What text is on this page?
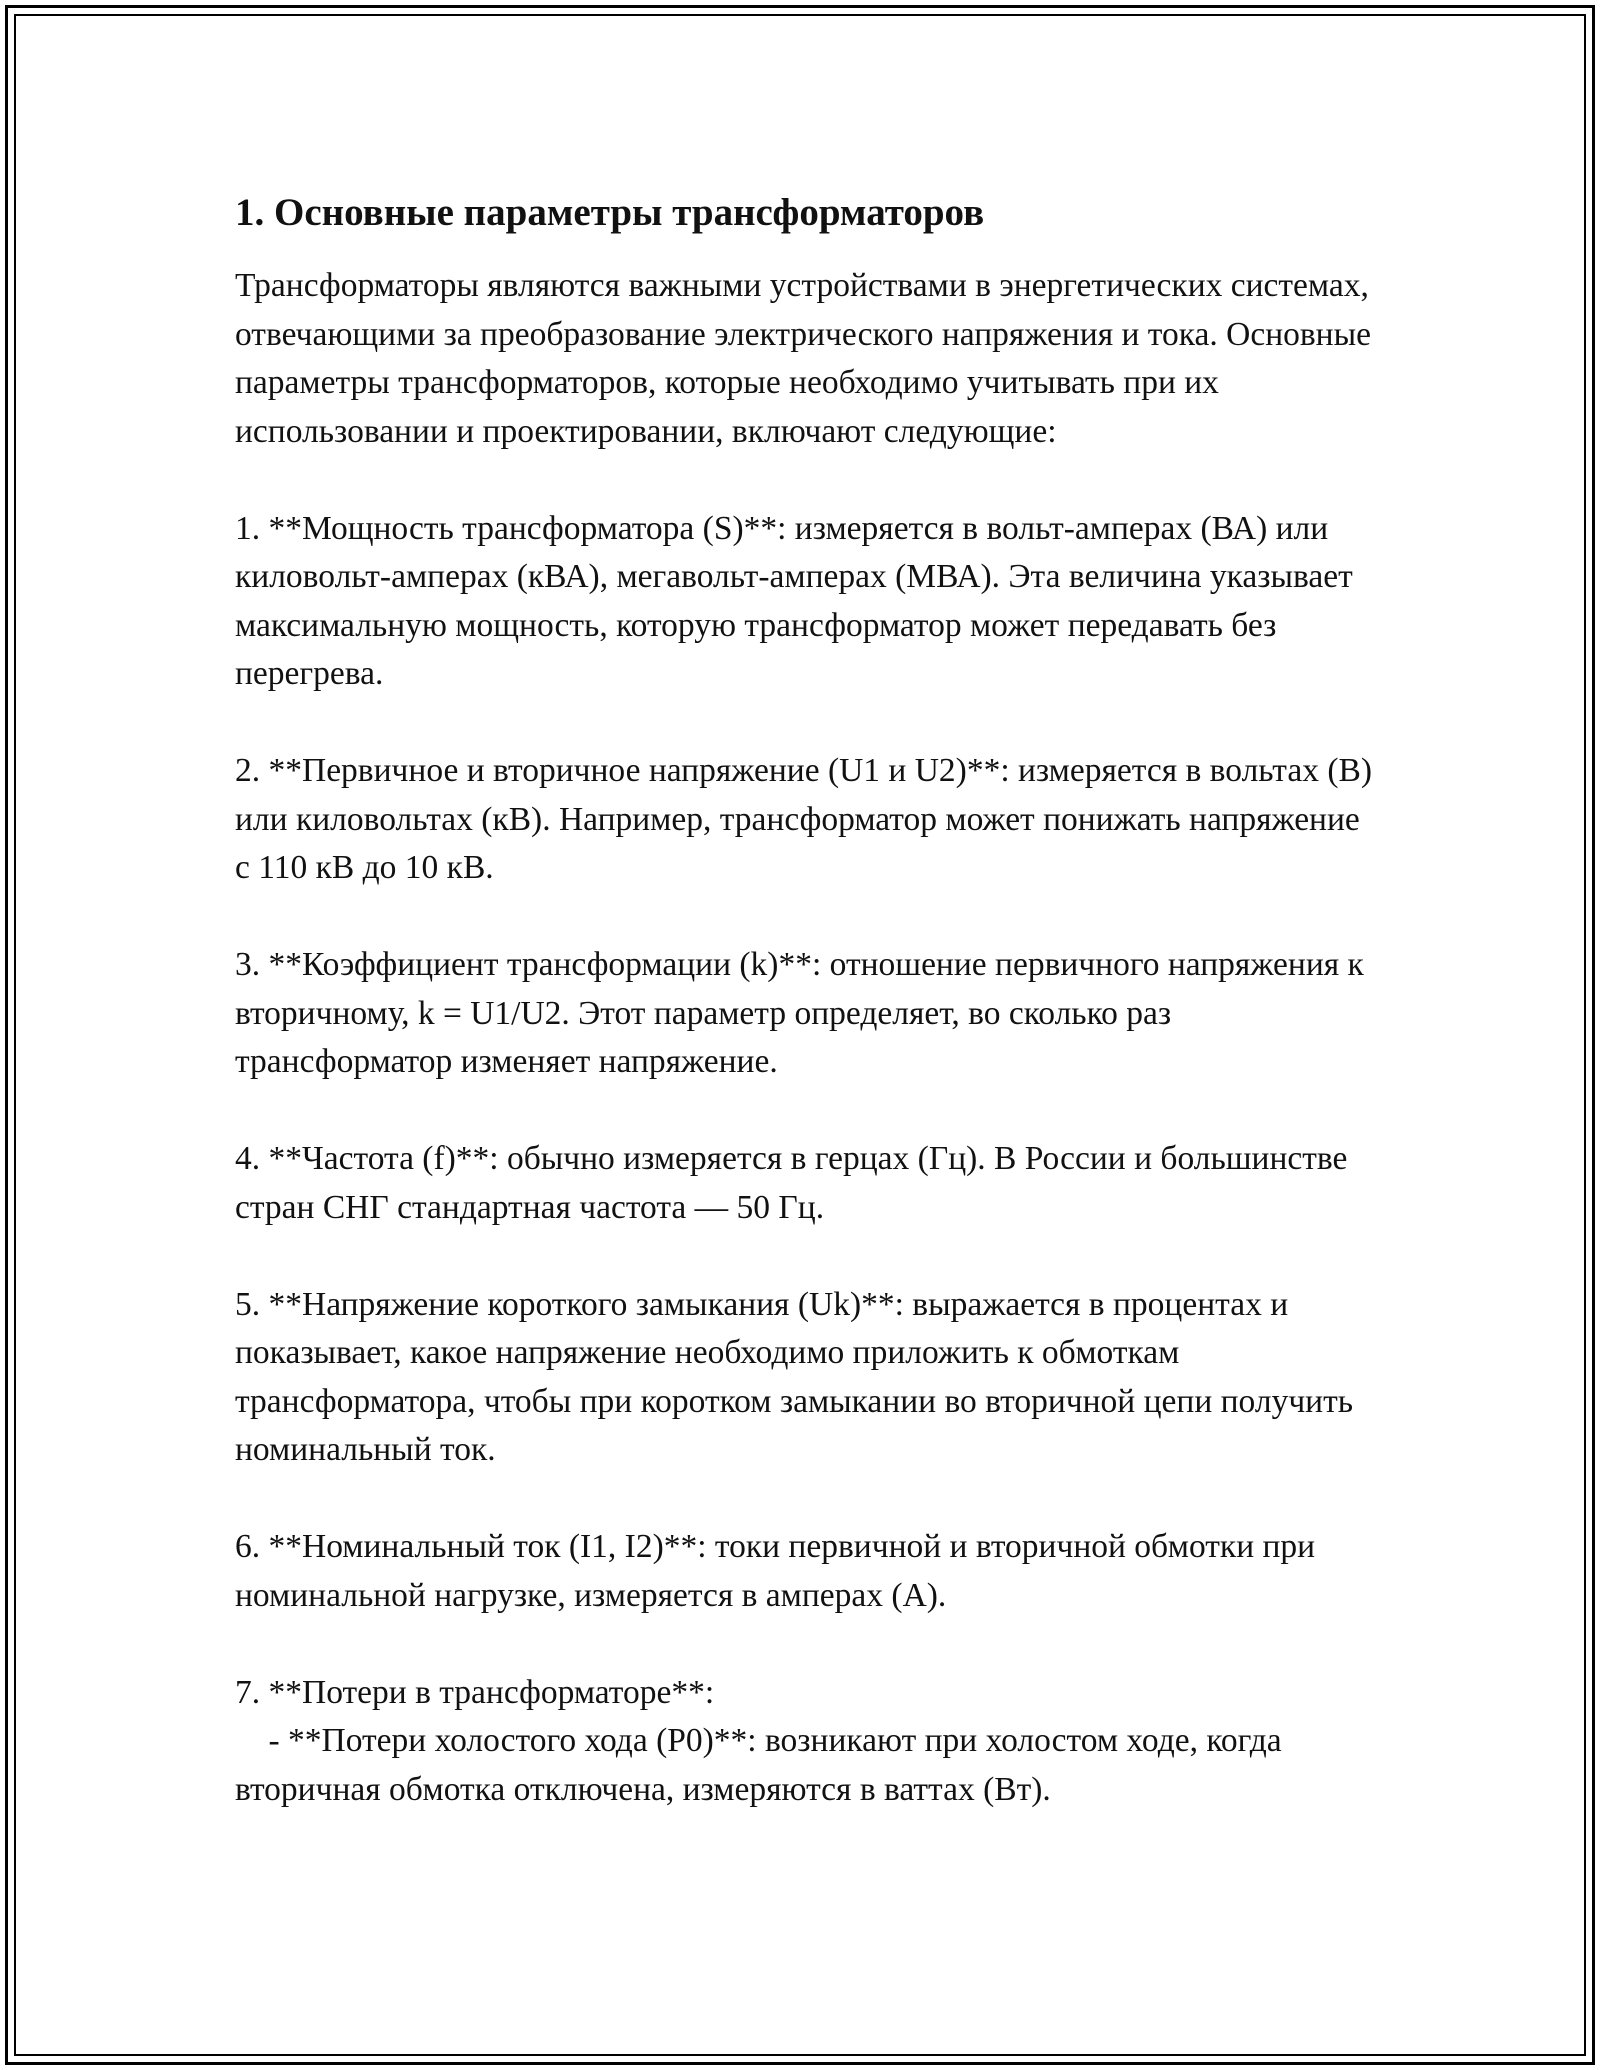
1. Основные параметры трансформаторов

Трансформаторы являются важными устройствами в энергетических системах, отвечающими за преобразование электрического напряжения и тока. Основные параметры трансформаторов, которые необходимо учитывать при их использовании и проектировании, включают следующие:

1. **Мощность трансформатора (S)**: измеряется в вольт-амперах (ВА) или киловольт-амперах (кВА), мегавольт-амперах (МВА). Эта величина указывает максимальную мощность, которую трансформатор может передавать без перегрева.

2. **Первичное и вторичное напряжение (U1 и U2)**: измеряется в вольтах (В) или киловольтах (кВ). Например, трансформатор может понижать напряжение с 110 кВ до 10 кВ.

3. **Коэффициент трансформации (k)**: отношение первичного напряжения к вторичному, k = U1/U2. Этот параметр определяет, во сколько раз трансформатор изменяет напряжение.

4. **Частота (f)**: обычно измеряется в герцах (Гц). В России и большинстве стран СНГ стандартная частота — 50 Гц.

5. **Напряжение короткого замыкания (Uk)**: выражается в процентах и показывает, какое напряжение необходимо приложить к обмоткам трансформатора, чтобы при коротком замыкании во вторичной цепи получить номинальный ток.

6. **Номинальный ток (I1, I2)**: токи первичной и вторичной обмотки при номинальной нагрузке, измеряется в амперах (А).

7. **Потери в трансформаторе**:

- **Потери холостого хода (P0)**: возникают при холостом ходе, когда вторичная обмотка отключена, измеряются в ваттах (Вт).
